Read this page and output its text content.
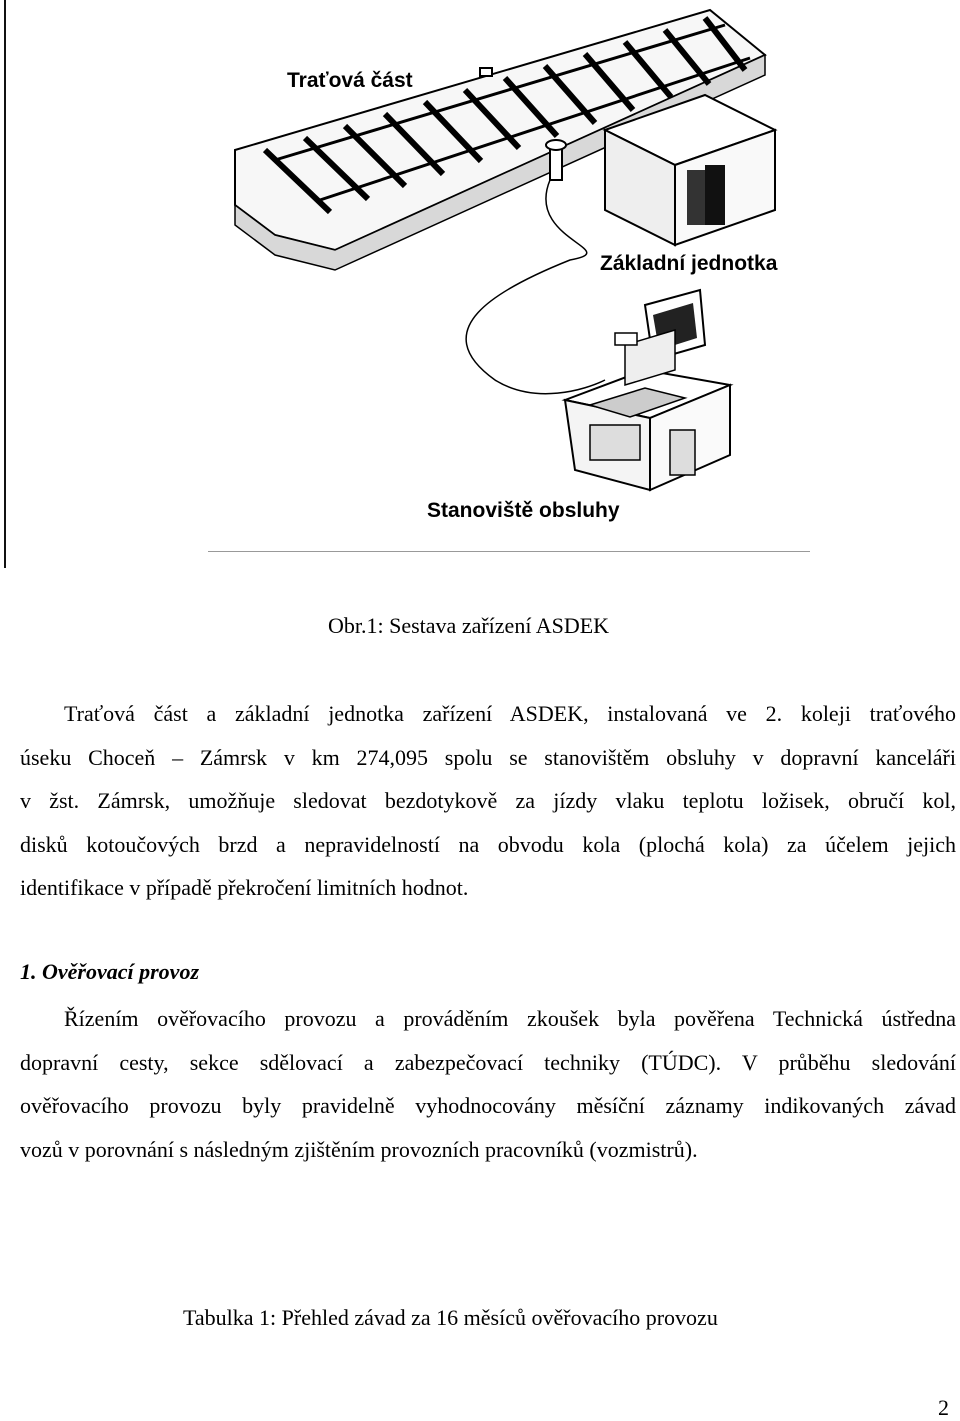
Traťová část
Základní jednotka
Stanoviště obsluhy
Obr.1: Sestava zařízení ASDEK
Traťová část a základní jednotka zařízení ASDEK, instalovaná ve 2. koleji traťového
úseku Choceň – Zámrsk v km 274,095 spolu se stanovištěm obsluhy v dopravní kanceláři
v žst. Zámrsk, umožňuje sledovat bezdotykově za jízdy vlaku teplotu ložisek, obručí kol,
disků kotoučových brzd a nepravidelností na obvodu kola (plochá kola) za účelem jejich
identifikace v případě překročení limitních hodnot.
1. Ověřovací provoz
Řízením ověřovacího provozu a prováděním zkoušek byla pověřena Technická ústředna
dopravní cesty, sekce sdělovací a zabezpečovací techniky (TÚDC). V průběhu sledování
ověřovacího provozu byly pravidelně vyhodnocovány měsíční záznamy indikovaných závad
vozů v porovnání s následným zjištěním provozních pracovníků (vozmistrů).
Tabulka 1: Přehled závad za 16 měsíců ověřovacího provozu
2
